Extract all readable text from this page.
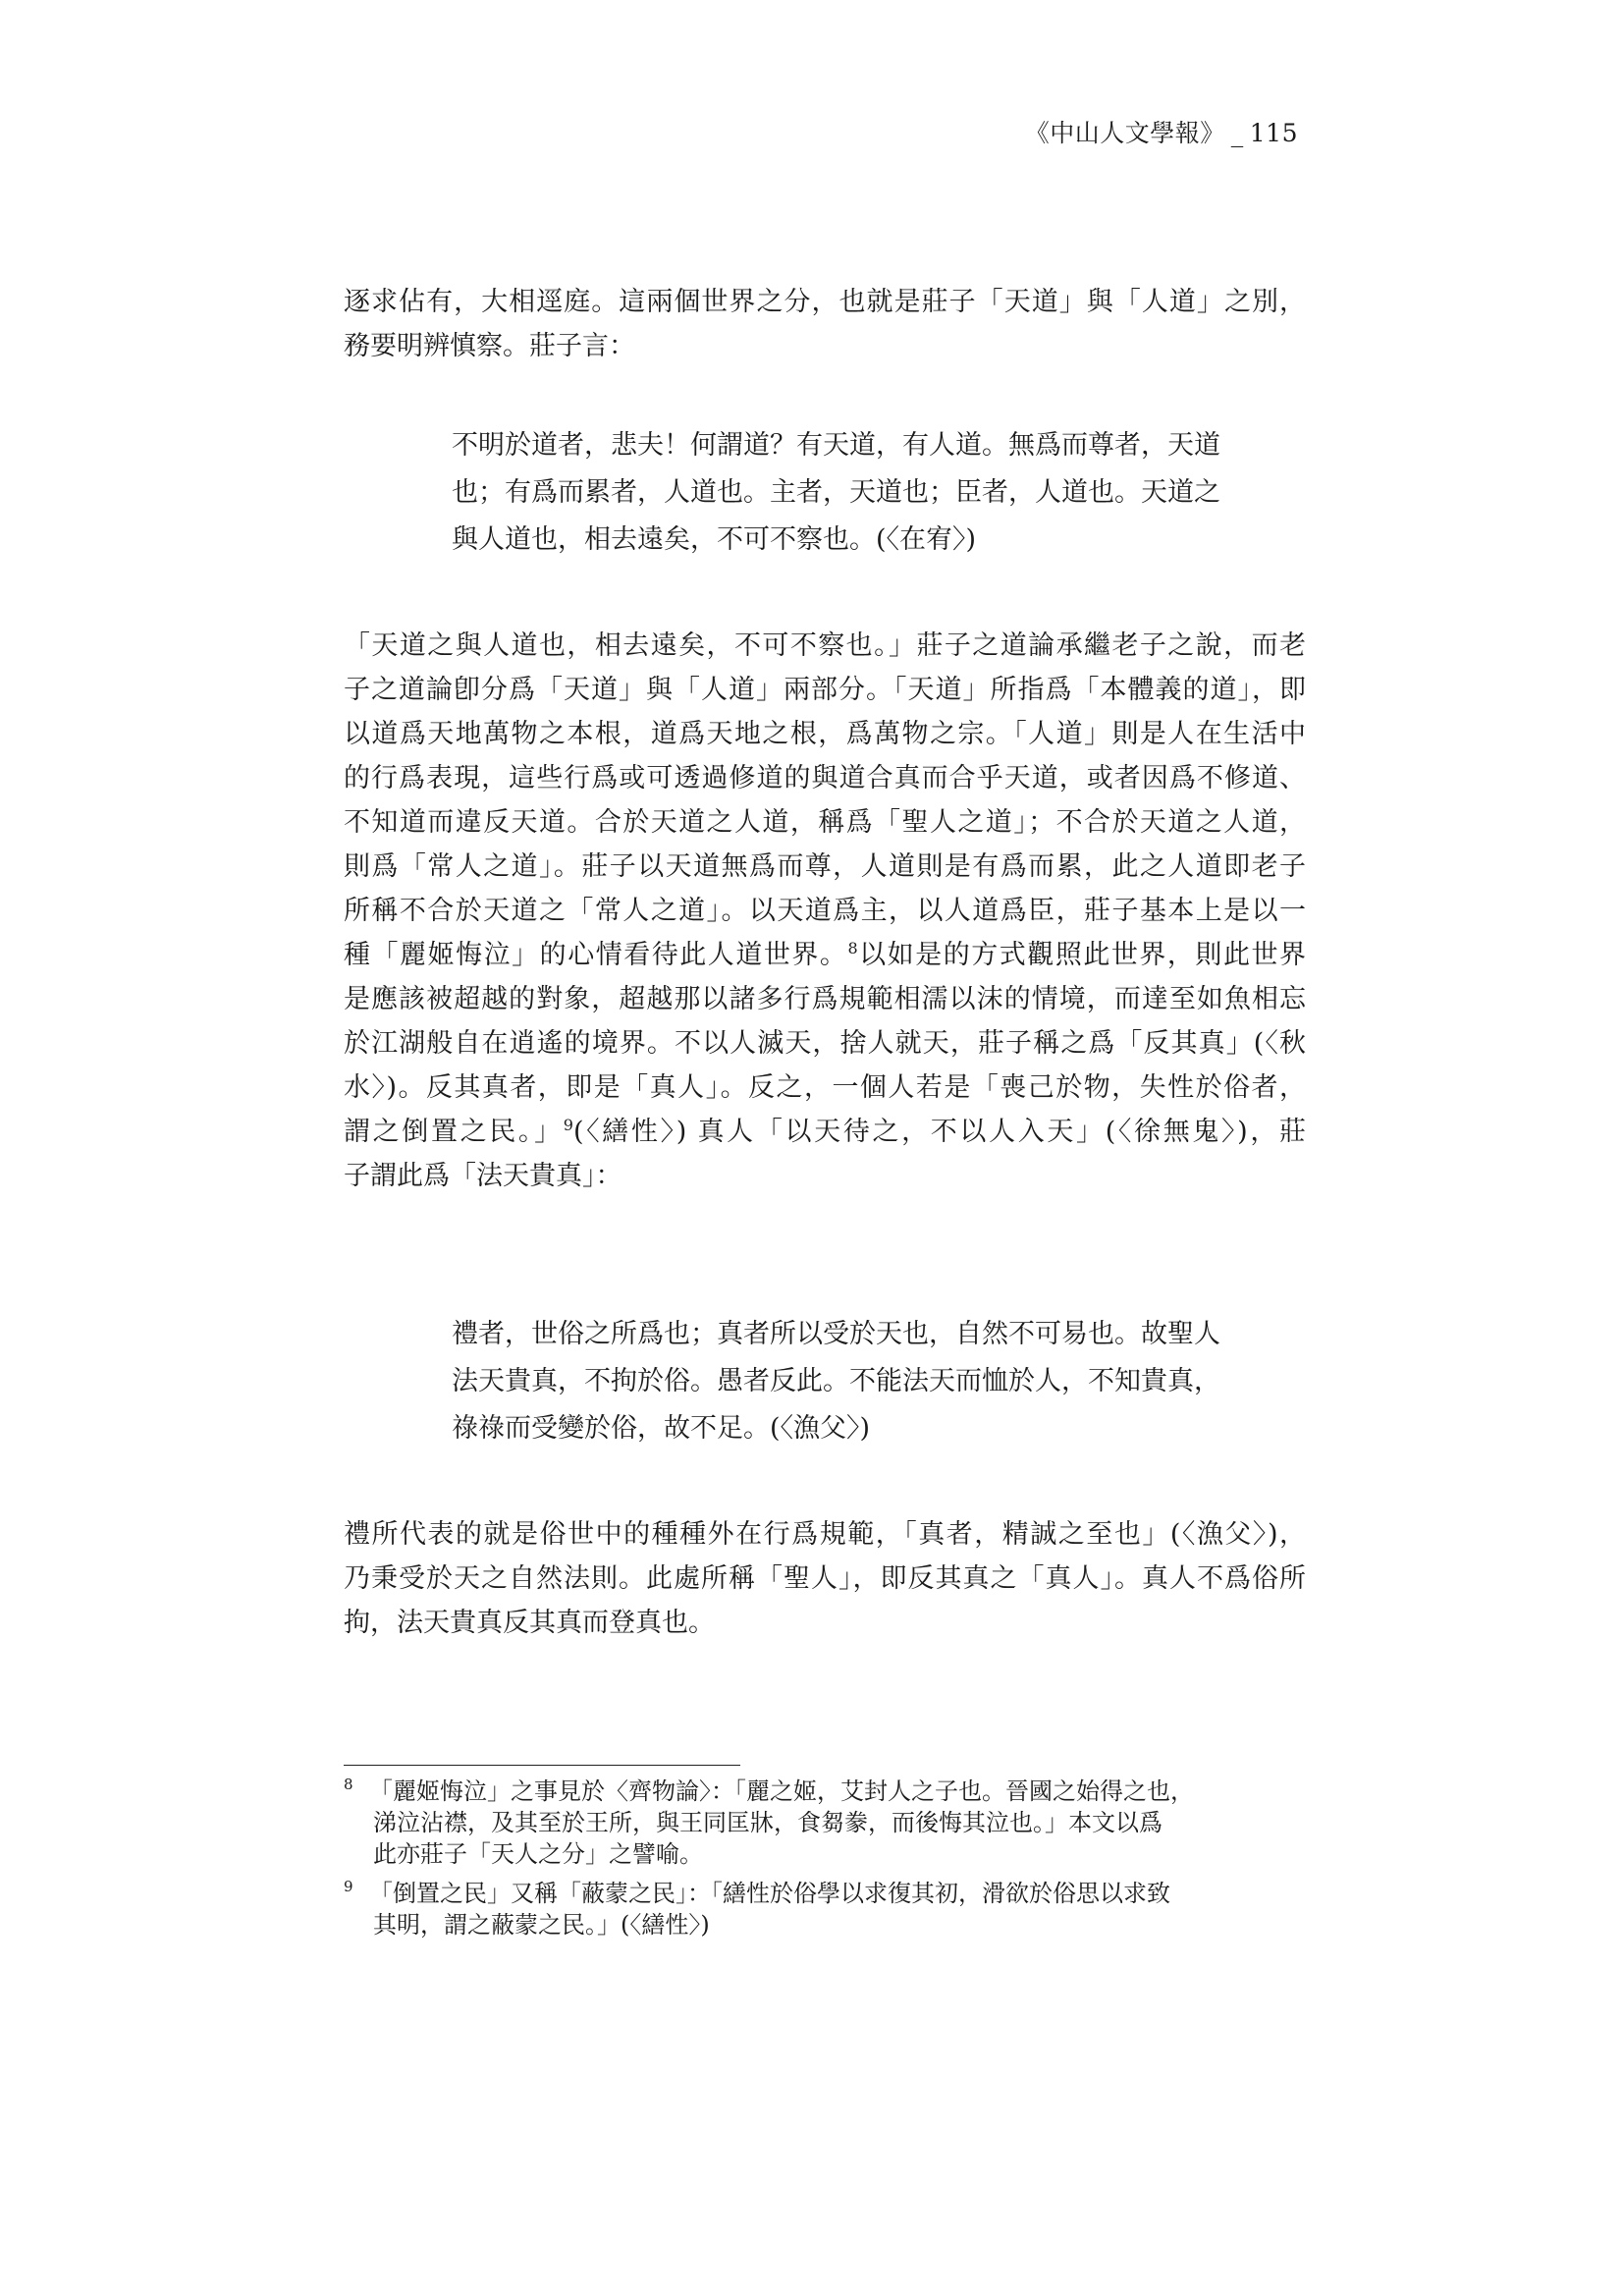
《中山人文學報》 _ 115
逐求佔有，大相逕庭。這兩個世界之分，也就是莊子「天道」與「人道」之別，
務要明辨慎察。莊子言：
不明於道者，悲夫！何謂道？有天道，有人道。無爲而尊者，天道
也；有爲而累者，人道也。主者，天道也；臣者，人道也。天道之
與人道也，相去遠矣，不可不察也。(〈在宥〉)
「天道之與人道也，相去遠矣，不可不察也。」莊子之道論承繼老子之說，而老
子之道論卽分爲「天道」與「人道」兩部分。「天道」所指爲「本體義的道」，即
以道爲天地萬物之本根，道爲天地之根，爲萬物之宗。「人道」則是人在生活中
的行爲表現，這些行爲或可透過修道的與道合真而合乎天道，或者因爲不修道、
不知道而違反天道。合於天道之人道，稱爲「聖人之道」；不合於天道之人道，
則爲「常人之道」。莊子以天道無爲而尊，人道則是有爲而累，此之人道即老子
所稱不合於天道之「常人之道」。以天道爲主，以人道爲臣，莊子基本上是以一
種「麗姬悔泣」的心情看待此人道世界。$^8$以如是的方式觀照此世界，則此世界
是應該被超越的對象，超越那以諸多行爲規範相濡以沫的情境，而達至如魚相忘
於江湖般自在逍遙的境界。不以人滅天，捨人就天，莊子稱之爲「反其真」(〈秋
水〉)。反其真者，即是「真人」。反之，一個人若是「喪己於物，失性於俗者，
謂之倒置之民。」$^9$(〈繕性〉) 真人「以天待之，不以人入天」(〈徐無鬼〉)，莊
子謂此爲「法天貴真」：
禮者，世俗之所爲也；真者所以受於天也，自然不可易也。故聖人
法天貴真，不拘於俗。愚者反此。不能法天而恤於人，不知貴真，
祿祿而受變於俗，故不足。(〈漁父〉)
禮所代表的就是俗世中的種種外在行爲規範，「真者，精誠之至也」(〈漁父〉)，
乃秉受於天之自然法則。此處所稱「聖人」，即反其真之「真人」。真人不爲俗所
拘，法天貴真反其真而登真也。
8 「麗姬悔泣」之事見於〈齊物論〉：「麗之姬，艾封人之子也。晉國之始得之也，
涕泣沾襟，及其至於王所，與王同匡牀，食芻豢，而後悔其泣也。」本文以爲
此亦莊子「天人之分」之譬喻。
9 「倒置之民」又稱「蔽蒙之民」：「繕性於俗學以求復其初，滑欲於俗思以求致
其明，謂之蔽蒙之民。」(〈繕性〉)
